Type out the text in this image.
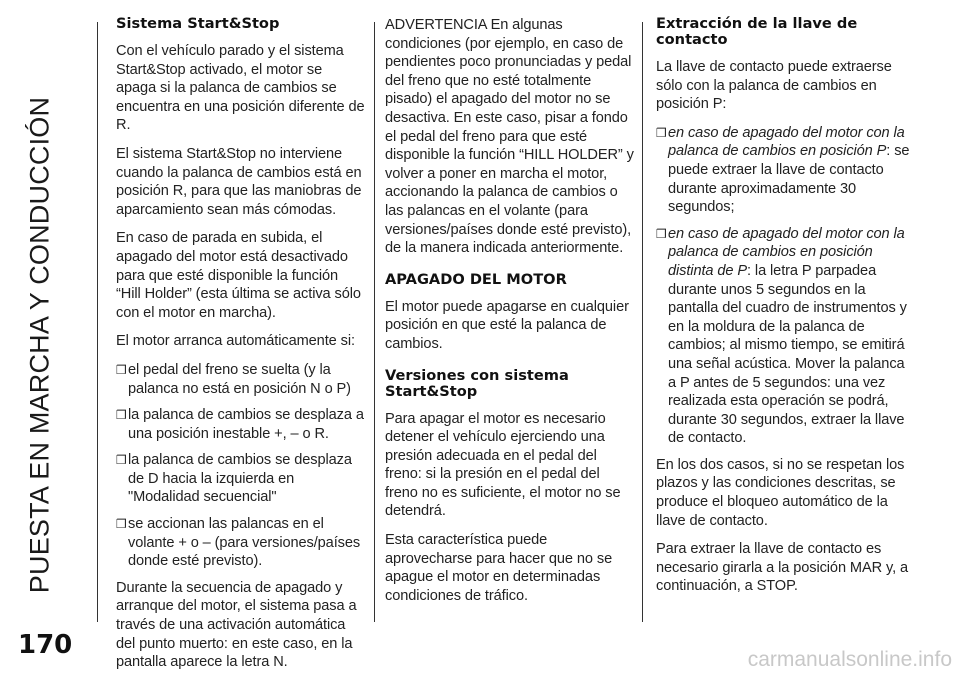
PUESTA EN MARCHA Y CONDUCCIÓN
170
Sistema Start&Stop

Con el vehículo parado y el sistema Start&Stop activado, el motor se apaga si la palanca de cambios se encuentra en una posición diferente de R.

El sistema Start&Stop no interviene cuando la palanca de cambios está en posición R, para que las maniobras de aparcamiento sean más cómodas.

En caso de parada en subida, el apagado del motor está desactivado para que esté disponible la función “Hill Holder” (esta última se activa sólo con el motor en marcha).

El motor arranca automáticamente si:

❒ el pedal del freno se suelta (y la palanca no está en posición N o P)
❒ la palanca de cambios se desplaza a una posición inestable +, – o R.
❒ la palanca de cambios se desplaza de D hacia la izquierda en "Modalidad secuencial"
❒ se accionan las palancas en el volante + o – (para versiones/países donde esté previsto).

Durante la secuencia de apagado y arranque del motor, el sistema pasa a través de una activación automática del punto muerto: en este caso, en la pantalla aparece la letra N.

ADVERTENCIA En algunas condiciones (por ejemplo, en caso de pendientes poco pronunciadas y pedal del freno que no esté totalmente pisado) el apagado del motor no se desactiva. En este caso, pisar a fondo el pedal del freno para que esté disponible la función “HILL HOLDER” y volver a poner en marcha el motor, accionando la palanca de cambios o las palancas en el volante (para versiones/países donde esté previsto), de la manera indicada anteriormente.

APAGADO DEL MOTOR

El motor puede apagarse en cualquier posición en que esté la palanca de cambios.

Versiones con sistema Start&Stop

Para apagar el motor es necesario detener el vehículo ejerciendo una presión adecuada en el pedal del freno: si la presión en el pedal del freno no es suficiente, el motor no se detendrá.

Esta característica puede aprovecharse para hacer que no se apague el motor en determinadas condiciones de tráfico.

Extracción de la llave de contacto

La llave de contacto puede extraerse sólo con la palanca de cambios en posición P:

❒ en caso de apagado del motor con la palanca de cambios en posición P: se puede extraer la llave de contacto durante aproximadamente 30 segundos;
❒ en caso de apagado del motor con la palanca de cambios en posición distinta de P: la letra P parpadea durante unos 5 segundos en la pantalla del cuadro de instrumentos y en la moldura de la palanca de cambios; al mismo tiempo, se emitirá una señal acústica. Mover la palanca a P antes de 5 segundos: una vez realizada esta operación se podrá, durante 30 segundos, extraer la llave de contacto.

En los dos casos, si no se respetan los plazos y las condiciones descritas, se produce el bloqueo automático de la llave de contacto.

Para extraer la llave de contacto es necesario girarla a la posición MAR y, a continuación, a STOP.

carmanualsonline.info
